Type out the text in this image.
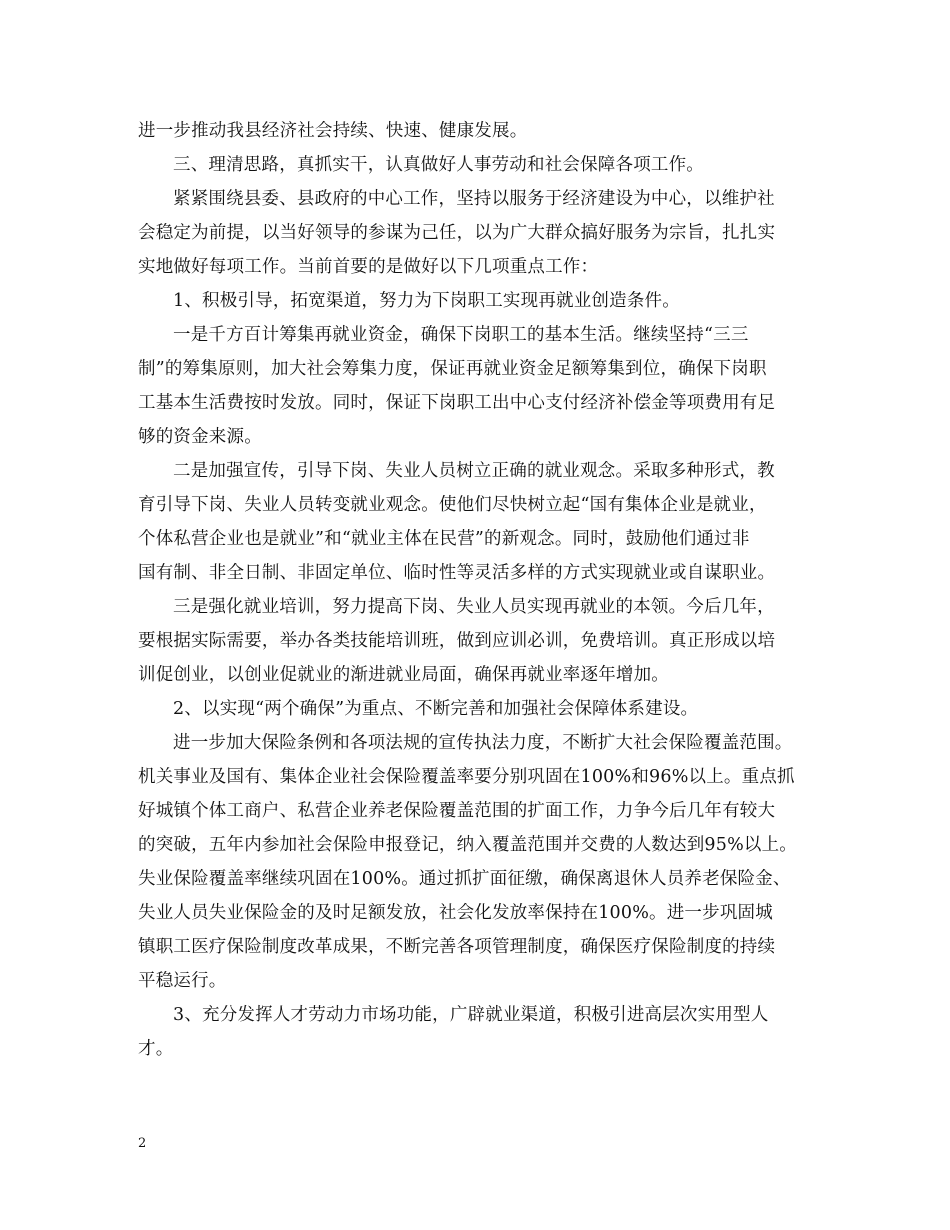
进一步推动我县经济社会持续、快速、健康发展。
三、理清思路，真抓实干，认真做好人事劳动和社会保障各项工作。
紧紧围绕县委、县政府的中心工作，坚持以服务于经济建设为中心，以维护社
会稳定为前提，以当好领导的参谋为己任，以为广大群众搞好服务为宗旨，扎扎实
实地做好每项工作。当前首要的是做好以下几项重点工作：
1、积极引导，拓宽渠道，努力为下岗职工实现再就业创造条件。
一是千方百计筹集再就业资金，确保下岗职工的基本生活。继续坚持“三三
制”的筹集原则，加大社会筹集力度，保证再就业资金足额筹集到位，确保下岗职
工基本生活费按时发放。同时，保证下岗职工出中心支付经济补偿金等项费用有足
够的资金来源。
二是加强宣传，引导下岗、失业人员树立正确的就业观念。采取多种形式，教
育引导下岗、失业人员转变就业观念。使他们尽快树立起“国有集体企业是就业，
个体私营企业也是就业”和“就业主体在民营”的新观念。同时，鼓励他们通过非
国有制、非全日制、非固定单位、临时性等灵活多样的方式实现就业或自谋职业。
三是强化就业培训，努力提高下岗、失业人员实现再就业的本领。今后几年，
要根据实际需要，举办各类技能培训班，做到应训必训，免费培训。真正形成以培
训促创业，以创业促就业的渐进就业局面，确保再就业率逐年增加。
2、以实现“两个确保”为重点、不断完善和加强社会保障体系建设。
进一步加大保险条例和各项法规的宣传执法力度，不断扩大社会保险覆盖范围。
机关事业及国有、集体企业社会保险覆盖率要分别巩固在100%和96%以上。重点抓
好城镇个体工商户、私营企业养老保险覆盖范围的扩面工作，力争今后几年有较大
的突破，五年内参加社会保险申报登记，纳入覆盖范围并交费的人数达到95%以上。
失业保险覆盖率继续巩固在100%。通过抓扩面征缴，确保离退休人员养老保险金、
失业人员失业保险金的及时足额发放，社会化发放率保持在100%。进一步巩固城
镇职工医疗保险制度改革成果，不断完善各项管理制度，确保医疗保险制度的持续
平稳运行。
3、充分发挥人才劳动力市场功能，广辟就业渠道，积极引进高层次实用型人
才。
2
